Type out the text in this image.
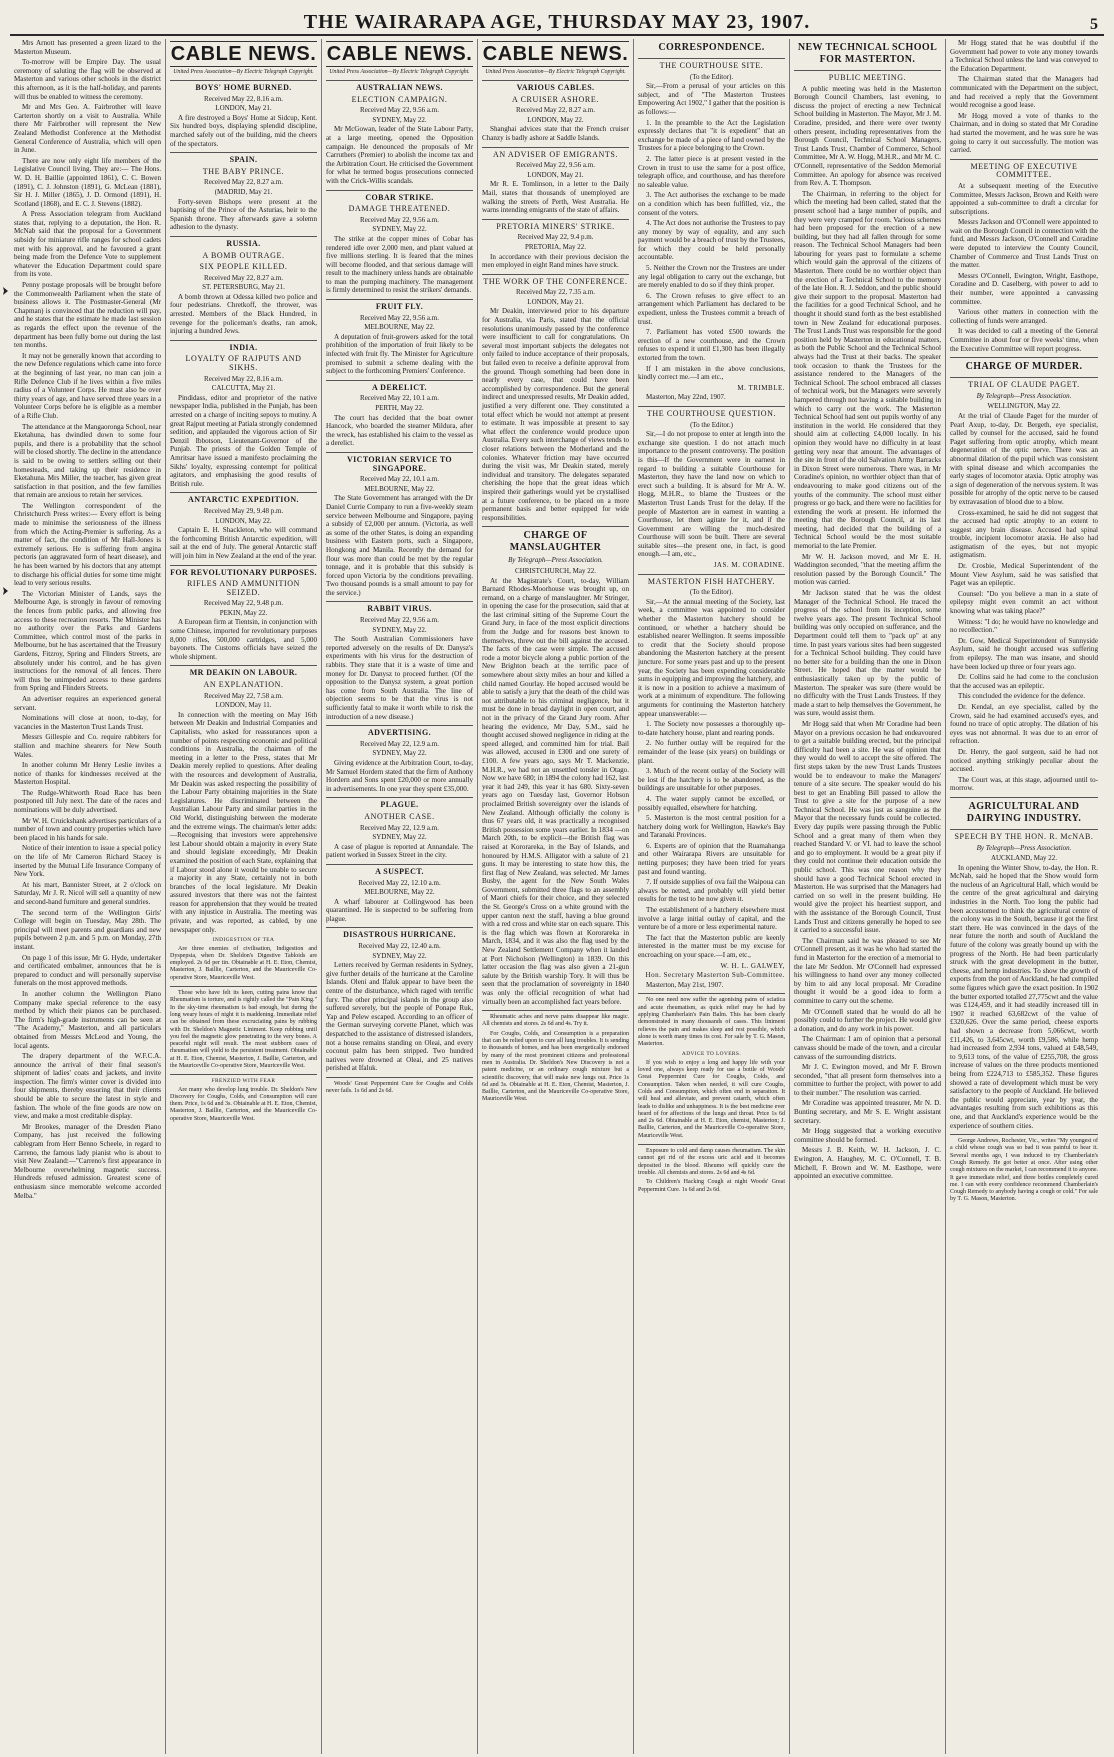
THE WAIRARAPA AGE, THURSDAY MAY 23, 1907.	5

Mrs Arnott has presented a green lizard to the Masterton Museum.

To-morrow will be Empire Day. The usual ceremony of saluting the flag will be observed at Masterton and various other schools in the district this afternoon, as it is the half-holiday, and parents will thus be enabled to witness the ceremony.

Mr and Mrs Geo. A. Fairbrother will leave Carterton shortly on a visit to Australia. While there Mr Fairbrother will represent the New Zealand Methodist Conference at the Methodist General Conference of Australia, which will open in June.

There are now only eight life members of the Legislative Council living. They are:— The Hons. W. D. H. Baillie (appointed 1861), C. C. Bowen (1891), C. J. Johnston (1891), G. McLean (1881), Sir H. J. Miller (1865), J. D. Ormond (1891), H. Scotland (1868), and E. C. J. Stevens (1882).

A Press Association telegram from Auckland states that, replying to a deputation, the Hon. R. McNab said that the proposal for a Government subsidy for miniature rifle ranges for school cadets met with his approval, and he favoured a grant being made from the Defence Vote to supplement whatever the Education Department could spare from its vote.

Penny postage proposals will be brought before the Commonwealth Parliament when the state of business allows it. The Postmaster-General (Mr Chapman) is convinced that the reduction will pay, and he states that the estimate he made last session as regards the effect upon the revenue of the department has been fully borne out during the last ten months.

It may not be generally known that according to the new Defence regulations which came into force at the beginning of last year, no man can join a Rifle Defence Club if he lives within a five miles radius of a Volunteer Corps. He must also be over thirty years of age, and have served three years in a Volunteer Corps before he is eligible as a member of a Rifle Club.

The attendance at the Mangaoronga School, near Eketahuna, has dwindled down to some four pupils, and there is a probability that the school will be closed shortly. The decline in the attendance is said to be owing to settlers selling out their homesteads, and taking up their residence in Eketahuna. Mrs Miller, the teacher, has given great satisfaction in that position, and the few families that remain are anxious to retain her services.

The Wellington correspondent of the Christchurch Press writes:— Every effort is being made to minimise the seriousness of the illness from which the Acting-Premier is suffering. As a matter of fact, the condition of Mr Hall-Jones is extremely serious. He is suffering from angina pectoris (an aggravated form of heart disease), and he has been warned by his doctors that any attempt to discharge his official duties for some time might lead to very serious results.

The Victorian Minister of Lands, says the Melbourne Age, is strongly in favour of removing the fences from public parks, and allowing free access to these recreation resorts. The Minister has no authority over the Parks and Gardens Committee, which control most of the parks in Melbourne, but he has ascertained that the Treasury Gardens, Fitzroy, Spring and Flinders Streets, are absolutely under his control, and he has given instructions for the removal of all fences. There will thus be unimpeded access to these gardens from Spring and Flinders Streets.

An advertiser requires an experienced general servant.

Nominations will close at noon, to-day, for vacancies in the Masterton Trust Lands Trust.

Messrs Gillespie and Co. require rabbiters for stallion and machine shearers for New South Wales.

In another column Mr Henry Leslie invites a notice of thanks for kindnesses received at the Masterton Hospital.

The Rudge-Whitworth Road Race has been postponed till July next. The date of the races and nominations will be duly advertised.

Mr W. H. Cruickshank advertises particulars of a number of town and country properties which have been placed in his hands for sale.

Notice of their intention to issue a special policy on the life of Mr Cameron Richard Stacey is inserted by the Mutual Life Insurance Company of New York.

At his mart, Bannister Street, at 2 o'clock on Saturday, Mr J. R. Nicol will sell a quantity of new and second-hand furniture and general sundries.

The second term of the Wellington Girls' College will begin on Tuesday, May 28th. The principal will meet parents and guardians and new pupils between 2 p.m. and 5 p.m. on Monday, 27th instant.

On page 1 of this issue, Mr G. Hyde, undertaker and certificated embalmer, announces that he is prepared to conduct and will personally supervise funerals on the most approved methods.

In another column the Wellington Piano Company make special reference to the easy method by which their pianos can be purchased. The firm's high-grade instruments can be seen at "The Academy," Masterton, and all particulars obtained from Messrs McLeod and Young, the local agents.

The drapery department of the W.F.C.A. announce the arrival of their final season's shipment of ladies' coats and jackets, and invite inspection. The firm's winter cover is divided into four shipments, thereby ensuring that their clients should be able to secure the latest in style and fashion. The whole of the fine goods are now on view, and make a most creditable display.

Mr Brookes, manager of the Dresden Piano Company, has just received the following cablegram from Herr Benno Scheele, in regard to Carreno, the famous lady pianist who is about to visit New Zealand:—"Carreno's first appearance in Melbourne overwhelming magnetic success. Hundreds refused admission. Greatest scene of enthusiasm since memorable welcome accorded Melba."

CABLE NEWS.
United Press Association—By Electric Telegraph Copyright.
BOYS' HOME BURNED.
Received May 22, 8.16 a.m.
LONDON, May 21.

A fire destroyed a Boys' Home at Sidcup, Kent. Six hundred boys, displaying splendid discipline, marched safely out of the building, mid the cheers of the spectators.

SPAIN.
THE BABY PRINCE.
Received May 22, 8.27 a.m.
(MADRID, May 21.

Forty-seven Bishops were present at the baptising of the Prince of the Asturias, heir to the Spanish throne. They afterwards gave a solemn adhesion to the dynasty.

RUSSIA.
A BOMB OUTRAGE.
SIX PEOPLE KILLED.
Received May 22, 8.27 a.m.
ST. PETERSBURG, May 21.

A bomb thrown at Odessa killed two police and four pedestrians. Chretkoff, the thrower, was arrested. Members of the Black Hundred, in revenge for the policeman's deaths, ran amok, injuring a hundred Jews.

INDIA.
LOYALTY OF RAJPUTS AND SIKHS.
Received May 22, 8.16 a.m.
CALCUTTA, May 21.

Pindidass, editor and proprietor of the native newspaper India, published in the Punjab, has been arrested on a charge of inciting sepoys to mutiny. A great Rajput meeting at Patiala strongly condemned sedition, and applauded the vigorous action of Sir Denzil Ibbotson, Lieutenant-Governor of the Punjab. The priests of the Golden Temple of Amritsar have issued a manifesto proclaiming the Sikhs' loyalty, expressing contempt for political agitators, and emphasising the good results of British rule.

ANTARCTIC EXPEDITION.
Received May 29, 9.48 p.m.
LONDON, May 22.

Captain E. H. Shackleton, who will command the forthcoming British Antarctic expedition, will sail at the end of July. The general Antarctic staff will join him in New Zealand at the end of the year.

FOR REVOLUTIONARY PURPOSES.
RIFLES AND AMMUNITION SEIZED.
Received May 22, 9.48 p.m.
PEKIN, May 22.

A European firm at Tientsin, in conjunction with some Chinese, imported for revolutionary purposes 8,000 rifles, 500,000 cartridges, and 5,000 bayonets. The Customs officials have seized the whole shipment.

MR DEAKIN ON LABOUR.
AN EXPLANATION.
Received May 22, 7.58 a.m.
LONDON, May 11.

In connection with the meeting on May 16th between Mr Deakin and Industrial Companies and Capitalists, who asked for reassurances upon a number of points respecting economic and political conditions in Australia, the chairman of the meeting in a letter to the Press, states that Mr Deakin merely replied to questions. After dealing with the resources and development of Australia, Mr Deakin was asked respecting the possibility of the Labour Party obtaining majorities in the State Legislatures. He discriminated between the Australian Labour Party and similar parties in the Old World, distinguishing between the moderate and the extreme wings. The chairman's letter adds:—Recognising that investors were apprehensive lest Labour should obtain a majority in every State and should legislate exceedingly, Mr Deakin examined the position of each State, explaining that if Labour stood alone it would be unable to secure a majority in any State, certainly not in both branches of the local legislature. Mr Deakin assured investors that there was not the faintest reason for apprehension that they would be treated with any injustice in Australia. The meeting was private, and was reported, as cabled, by one newspaper only.

INDIGESTION OF TEA

Are three enemies of civilisation, Indigestion and Dyspepsia, when Dr. Sheldon's Digestive Tabloids are employed. 2s 6d per tin. Obtainable at H. E. Eton, Chemist, Masterton, J. Baillie, Carterton, and the Mauriceville Co-operative Store, Mauriceville West.

Those who have felt its keen, cutting pains know that Rheumatism is torture, and is rightly called the "Pain King." In the sky-time rheumatism is bad enough, but during the long weary hours of night it is maddening. Immediate relief can be obtained from these excruciating pains by rubbing with Dr. Sheldon's Magnetic Liniment. Keep rubbing until you feel the magnetic glow penetrating to the very bones. A peaceful night will result. The most stubborn cases of rheumatism will yield to the persistent treatment. Obtainable at H. E. Eton, Chemist, Masterton, J. Baillie, Carterton, and the Mauriceville Co-operative Store, Mauriceville West.

FRENZIED WITH FEAR

Are many who develop lung trouble. Dr. Sheldon's New Discovery for Coughs, Colds, and Consumption will cure them. Price, 1s 6d and 3s. Obtainable at H. E. Eton, Chemist, Masterton, J. Baillie, Carterton, and the Mauriceville Co-operative Store, Mauriceville West.

CABLE NEWS.
United Press Association—By Electric Telegraph Copyright.
AUSTRALIAN NEWS.
ELECTION CAMPAIGN.
Received May 22, 9.56 a.m.
SYDNEY, May 22.

Mr McGowan, leader of the State Labour Party, at a large meeting, opened the Opposition campaign. He denounced the proposals of Mr Carruthers (Premier) to abolish the income tax and the Arbitration Court. He criticised the Government for what he termed bogus prosecutions connected with the Crick-Willis scandals.

COBAR STRIKE.
DAMAGE THREATENED.
Received May 22, 9.56 a.m.
SYDNEY, May 22.

The strike at the copper mines of Cobar has rendered idle over 2,000 men, and plant valued at five millions sterling. It is feared that the mines will become flooded, and that serious damage will result to the machinery unless hands are obtainable to man the pumping machinery. The management is firmly determined to resist the strikers' demands.

FRUIT FLY.
Received May 22, 9.56 a.m.
MELBOURNE, May 22.

A deputation of fruit-growers asked for the total prohibition of the importation of fruit likely to be infected with fruit fly. The Minister for Agriculture promised to submit a scheme dealing with the subject to the forthcoming Premiers' Conference.

A DERELICT.
Received May 22, 10.1 a.m.
PERTH, May 22.

The court has decided that the boat owner Hancock, who boarded the steamer Mildura, after the wreck, has established his claim to the vessel as a derelict.

VICTORIAN SERVICE TO SINGAPORE.
Received May 22, 10.1 a.m.
MELBOURNE, May 22.

The State Government has arranged with the Dr Daniel Currie Company to run a five-weekly steam service between Melbourne and Singapore, paying a subsidy of £2,000 per annum. (Victoria, as well as some of the other States, is doing an expanding business with Eastern ports, such a Singapore, Hongkong and Manila. Recently the demand for flour was more than could be met by the regular tonnage, and it is probable that this subsidy is forced upon Victoria by the conditions prevailing. Two thousand pounds is a small amount to pay for the service.)

RABBIT VIRUS.
Received May 22, 9.56 a.m.
SYDNEY, May 22.

The South Australian Commissioners have reported adversely on the results of Dr. Danysz's experiments with his virus for the destruction of rabbits. They state that it is a waste of time and money for Dr. Danysz to proceed further. (Of the opposition to the Danysz system, a great portion has come from South Australia. The line of objection seems to be that the virus is not sufficiently fatal to make it worth while to risk the introduction of a new disease.)

ADVERTISING.
Received May 22, 12.9 a.m.
SYDNEY, May 22.

Giving evidence at the Arbitration Court, to-day, Mr Samuel Hordern stated that the firm of Anthony Hordern and Sons spent £20,000 or more annually in advertisements. In one year they spent £35,000.

PLAGUE.
ANOTHER CASE.
Received May 22, 12.9 a.m.
SYDNEY, May 22.

A case of plague is reported at Annandale. The patient worked in Sussex Street in the city.

A SUSPECT.
Received May 22, 12.10 a.m.
MELBOURNE, May 22.

A wharf labourer at Collingwood has been quarantined. He is suspected to be suffering from plague.

DISASTROUS HURRICANE.
Received May 22, 12.40 a.m.
SYDNEY, May 22.

Letters received by German residents in Sydney, give further details of the hurricane at the Caroline Islands. Oleni and Ifaluk appear to have been the centre of the disturbance, which raged with terrific fury. The other principal islands in the group also suffered severely, but the people of Ponape Ruk, Yap and Pelew escaped. According to an officer of the German surveying corvette Planet, which was despatched to the assistance of distressed islanders, not a house remains standing on Oleai, and every coconut palm has been stripped. Two hundred natives were drowned at Oleai, and 25 natives perished at Ifaluk.

Woods' Great Peppermint Cure for Coughs and Colds never fails. 1s 6d and 2s 6d.

CABLE NEWS.
United Press Association—By Electric Telegraph Copyright.
VARIOUS CABLES.
A CRUISER ASHORE.
Received May 22, 8.27 a.m.
LONDON, May 22.

Shanghai advices state that the French cruiser Chanzy is badly ashore at Saddle Islands.

AN ADVISER OF EMIGRANTS.
Received May 22, 9.56 a.m.
LONDON, May 21.

Mr R. E. Tomlinson, in a letter to the Daily Mail, states that thousands of unemployed are walking the streets of Perth, West Australia. He warns intending emigrants of the state of affairs.

PRETORIA MINERS' STRIKE.
Received May 22, 9.4 p.m.
PRETORIA, May 22.

In accordance with their previous decision the men employed in eight Rand mines have struck.

THE WORK OF THE CONFERENCE.
Received May 22, 7.35 a.m.
LONDON, May 21.

Mr Deakin, interviewed prior to his departure for Australia, via Paris, stated that the official resolutions unanimously passed by the conference were insufficient to call for congratulations. On several most important subjects the delegates not only failed to induce acceptance of their proposals, but failed even to receive a definite approval from the ground. Though something had been done in nearly every case, that could have been accomplished by correspondence. But the general indirect and unexpressed results, Mr Deakin added, justified a very different one. They constituted a total effect which he would not attempt at present to estimate. It was impossible at present to say what effect the conference would produce upon Australia. Every such interchange of views tends to closer relations between the Motherland and the colonies. Whatever friction may have occurred during the visit was, Mr Deakin stated, merely individual and transitory. The delegates separated cherishing the hope that the great ideas which inspired their gatherings would yet be crystallised at a future conference, to be placed on a more permanent basis and better equipped for wide responsibilities.

CHARGE OF MANSLAUGHTER
By Telegraph—Press Association.
CHRISTCHURCH, May 22.

At the Magistrate's Court, to-day, William Barnard Rhodes-Moorhouse was brought up, on remand, on a charge of manslaughter. Mr Stringer, in opening the case for the prosecution, said that at the last criminal sitting of the Supreme Court the Grand Jury, in face of the most explicit directions from the Judge and for reasons best known to themselves, threw out the bill against the accused. The facts of the case were simple. The accused rode a motor bicycle along a public portion of the New Brighton beach at the terrific pace of somewhere about sixty miles an hour and killed a child named Gourlay. He hoped accused would be able to satisfy a jury that the death of the child was not attributable to his criminal negligence, but it must be done in broad daylight in open court, and not in the privacy of the Grand Jury room. After hearing the evidence, Mr Day, S.M., said he thought accused showed negligence in riding at the speed alleged, and committed him for trial. Bail was allowed, accused in £300 and one surety of £100. A few years ago, says Mr T. Mackenzie, M.H.R., we had not an unsettled tonsler in Otago. Now we have 680; in 1894 the colony had 162, last year it had 249, this year it has 680. Sixty-seven years ago on Tuesday last, Governor Hobson proclaimed British sovereignty over the islands of New Zealand. Although officially the colony is thus 67 years old, it was practically a recognised British possession some years earlier. In 1834 —on March 20th, to be explicit—the British flag was raised at Kororareka, in the Bay of Islands, and honoured by H.M.S. Alligator with a salute of 21 guns. It may be interesting to state how this, the first flag of New Zealand, was selected. Mr James Busby, the agent for the New South Wales Government, submitted three flags to an assembly of Maori chiefs for their choice, and they selected the St. George's Cross on a white ground with the upper canton next the staff, having a blue ground with a red cross and white star on each square. This is the flag which was flown at Kororareka in March, 1834, and it was also the flag used by the New Zealand Settlement Company when it landed at Port Nicholson (Wellington) in 1839. On this latter occasion the flag was also given a 21-gun salute by the British warship Tory. It will thus be seen that the proclamation of sovereignty in 1840 was only the official recognition of what had virtually been an accomplished fact years before.

Rheumatic aches and nerve pains disappear like magic. All chemists and stores. 2s 6d and 4s. Try it.

For Coughs, Colds, and Consumption is a preparation that can be relied upon to cure all lung troubles. It is sending to thousands of homes, and has been energetically endorsed by many of the most prominent citizens and professional men in Australia. Dr. Sheldon's New Discovery is not a patent medicine, or an ordinary cough mixture but a scientific discovery, that will make new lungs out. Price 1s 6d and 3s. Obtainable at H. E. Eton, Chemist, Masterton, J. Baillie, Carterton, and the Mauriceville Co-operative Store, Mauriceville West.

CORRESPONDENCE.
THE COURTHOUSE SITE.
(To the Editor).

Sir,—From a perusal of your articles on this subject, and of "The Masterton Trustees Empowering Act 1902," I gather that the position is as follows:—

1. In the preamble to the Act the Legislation expressly declares that "it is expedient" that an exchange be made of a piece of land owned by the Trustees for a piece belonging to the Crown.

2. The latter piece is at present vested in the Crown in trust to use the same for a post office, telegraph office, and courthouse, and has therefore no saleable value.

3. The Act authorises the exchange to be made on a condition which has been fulfilled, viz., the consent of the voters.

4. The Act does not authorise the Trustees to pay any money by way of equality, and any such payment would be a breach of trust by the Trustees, for which they could be held personally accountable.

5. Neither the Crown nor the Trustees are under any legal obligation to carry out the exchange, but are merely enabled to do so if they think proper.

6. The Crown refuses to give effect to an arrangement which Parliament has declared to be expedient, unless the Trustees commit a breach of trust.

7. Parliament has voted £500 towards the erection of a new courthouse, and the Crown refuses to expend it until £1,300 has been illegally extorted from the town.

If I am mistaken in the above conclusions, kindly correct me.—I am etc.,

M. TRIMBLE.
Masterton, May 22nd, 1907.
THE COURTHOUSE QUESTION.
(To the Editor.)

Sir,—I do not propose to enter at length into the exchange site question. I do not attach much importance to the present controversy. The position is this—If the Government were in earnest in regard to building a suitable Courthouse for Masterton, they have the land now on which to erect such a building. It is absurd for Mr A. W. Hogg, M.H.R., to blame the Trustees or the Masterton Trust Lands Trust for the delay. If the people of Masterton are in earnest in wanting a Courthouse, let them agitate for it, and if the Government are willing the much-desired Courthouse will soon be built. There are several suitable sites—the present one, in fact, is good enough.—I am, etc.,

JAS. M. CORADINE.
MASTERTON FISH HATCHERY.
(To the Editor).

Sir,—At the annual meeting of the Society, last week, a committee was appointed to consider whether the Masterton hatchery should be continued, or whether a hatchery should be established nearer Wellington. It seems impossible to credit that the Society should propose abandoning the Masterton hatchery at the present juncture. For some years past and up to the present year, the Society has been expending considerable sums in equipping and improving the hatchery, and it is now in a position to achieve a maximum of work at a minimum of expenditure. The following arguments for continuing the Masterton hatchery appear unanswerable:—

1. The Society now possesses a thoroughly up-to-date hatchery house, plant and rearing ponds.

2. No further outlay will be required for the remainder of the lease (six years) on buildings or plant.

3. Much of the recent outlay of the Society will be lost if the hatchery is to be abandoned, as the buildings are unsuitable for other purposes.

4. The water supply cannot be excelled, or possibly equalled, elsewhere for hatching.

5. Masterton is the most central position for a hatchery doing work for Wellington, Hawke's Bay and Taranaki Provinces.

6. Experts are of opinion that the Ruamahanga and other Wairarapa Rivers are unsuitable for netting purposes; they have been tried for years past and found wanting.

7. If outside supplies of ova fail the Waipoua can always be netted, and probably will yield better results for the test to be now given it.

The establishment of a hatchery elsewhere must involve a large initial outlay of capital, and the venture be of a more or less experimental nature.

The fact that the Masterton public are keenly interested in the matter must be my excuse for encroaching on your space.—I am, etc.,

W. H. L. GALWEY,
Hon. Secretary Masterton Sub-Committee.
Masterton, May 21st, 1907.

No one need now suffer the agonising pains of sciatica and acute rheumatism, as quick relief may be had by applying Chamberlain's Pain Balm. This has been clearly demonstrated in many thousands of cases. This liniment relieves the pain and makes sleep and rest possible, which alone is worth many times its cost. For sale by T. G. Mason, Masterton.

ADVICE TO LOVERS.

If you wish to enjoy a long and happy life with your loved one, always keep ready for use a bottle of Woods' Great Peppermint Cure for Coughs, Colds, and Consumption. Taken when needed, it will cure Coughs, Colds and Consumption, which often end in separation. It will heal and alleviate, and prevent catarrh, which often leads to dislike and unhappiness. It is the best medicine ever heard of for affections of the lungs and throat. Price 1s 6d and 2s 6d. Obtainable at H. E. Eton, chemist, Masterton; J. Baillie, Carterton, and the Mauriceville Co-operative Store, Mauriceville West.

Exposure to cold and damp causes rheumatism. The skin cannot get rid of the excess uric acid and it becomes deposited in the blood. Rheumo will quickly cure the trouble. All chemists and stores. 2s 6d and 4s 6d.

To Children's Hacking Cough at night Woods' Great Peppermint Cure. 1s 6d and 2s 6d.

NEW TECHNICAL SCHOOL FOR MASTERTON.
PUBLIC MEETING.

A public meeting was held in the Masterton Borough Council Chambers, last evening, to discuss the project of erecting a new Technical School building in Masterton. The Mayor, Mr J. M. Coradine, presided, and there were over twenty others present, including representatives from the Borough Council, Technical School Managers, Trust Lands Trust, Chamber of Commerce, School Committee, Mr A. W. Hogg, M.H.R., and Mr M. C. O'Connell, representative of the Seddon Memorial Committee. An apology for absence was received from Rev. A. T. Thompson.

The Chairman, in referring to the object for which the meeting had been called, stated that the present school had a large number of pupils, and they were very cramped for room. Various schemes had been proposed for the erection of a new building, but they had all fallen through for some reason. The Technical School Managers had been labouring for years past to formulate a scheme which would gain the approval of the citizens of Masterton. There could be no worthier object than the erection of a Technical School to the memory of the late Hon. R. J. Seddon, and the public should give their support to the proposal. Masterton had the facilities for a good Technical School, and he thought it should stand forth as the best established town in New Zealand for educational purposes. The Trust Lands Trust was responsible for the good position held by Masterton in educational matters, as both the Public School and the Technical School always had the Trust at their backs. The speaker took occasion to thank the Trustees for the assistance rendered to the Managers of the Technical School. The school embraced all classes of technical work, but the Managers were severely hampered through not having a suitable building in which to carry out the work. The Masterton Technical School had sent out pupils worthy of any institution in the world. He considered that they should aim at collecting £4,000 locally. In his opinion they would have no difficulty in at least getting very near that amount. The advantages of the site in front of the old Salvation Army Barracks in Dixon Street were numerous. There was, in Mr Coradine's opinion, no worthier object than that of endeavouring to make good citizens out of the youths of the community. The school must either progress or go back, and there were no facilities for extending the work at present. He informed the meeting that the Borough Council, at its last meeting, had decided that the building of a Technical School would be the most suitable memorial to the late Premier.

Mr W. H. Jackson moved, and Mr E. H. Waddington seconded, "that the meeting affirm the resolution passed by the Borough Council." The motion was carried.

Mr Jackson stated that he was the oldest Manager of the Technical School. He traced the progress of the school from its inception, some twelve years ago. The present Technical School building was only occupied on sufferance, and the Department could tell them to "pack up" at any time. In past years various sites had been suggested for a Technical School building. They could have no better site for a building than the one in Dixon Street. He hoped that the matter would be enthusiastically taken up by the public of Masterton. The speaker was sure (there would be no difficulty with the Trust Lands Trustees. If they made a start to help themselves the Government, he was sure, would assist them.

Mr Hogg said that when Mr Coradine had been Mayor on a previous occasion he had endeavoured to get a suitable building erected, but the principal difficulty had been a site. He was of opinion that they would do well to accept the site offered. The first steps taken by the new Trust Lands Trustees would be to endeavour to make the Managers' tenure of a site secure. The speaker would do his best to get an Enabling Bill passed to allow the Trust to give a site for the purpose of a new Technical School. He was just as sanguine as the Mayor that the necessary funds could be collected. Every day pupils were passing through the Public School and a great many of them when they reached Standard V. or VI. had to leave the school and go to employment. It would be a great pity if they could not continue their education outside the public school. This was one reason why they should have a good Technical School erected in Masterton. He was surprised that the Managers had carried on so well in the present building. He would give the project his heartiest support, and with the assistance of the Borough Council, Trust Lands Trust and citizens generally he hoped to see it carried to a successful issue.

The Chairman said he was pleased to see Mr O'Connell present, as it was he who had started the fund in Masterton for the erection of a memorial to the late Mr Seddon. Mr O'Connell had expressed his willingness to hand over any money collected by him to aid any local proposal. Mr Coradine thought it would be a good idea to form a committee to carry out the scheme.

Mr O'Connell stated that he would do all he possibly could to further the project. He would give a donation, and do any work in his power.

The Chairman: I am of opinion that a personal canvass should be made of the town, and a circular canvass of the surrounding districts.

Mr J. C. Ewington moved, and Mr F. Brown seconded, "that all present form themselves into a committee to further the project, with power to add to their number." The resolution was carried.

Mr Coradine was appointed treasurer, Mr N. D. Bunting secretary, and Mr S. E. Wright assistant secretary.

Mr Hogg suggested that a working executive committee should be formed.

Messrs J. B. Keith, W. H. Jackson, J. C. Ewington, A. Haughey, M. C. O'Connell, T. B. Michell, F. Brown and W. M. Easthope, were appointed an executive committee.

Mr Hogg stated that he was doubtful if the Government had power to vote any money towards a Technical School unless the land was conveyed to the Education Department.

The Chairman stated that the Managers had communicated with the Department on the subject, and had received a reply that the Government would recognise a good lease.

Mr Hogg moved a vote of thanks to the Chairman, and in doing so stated that Mr Coradine had started the movement, and he was sure he was going to carry it out successfully. The motion was carried.

MEETING OF EXECUTIVE COMMITTEE.

At a subsequent meeting of the Executive Committee, Messrs Jackson, Brown and Keith were appointed a sub-committee to draft a circular for subscriptions.

Messrs Jackson and O'Connell were appointed to wait on the Borough Council in connection with the fund, and Messrs Jackson, O'Connell and Coradine were deputed to interview the County Council, Chamber of Commerce and Trust Lands Trust on the matter.

Messrs O'Connell, Ewington, Wright, Easthope, Coradine and D. Caselberg, with power to add to their number, were appointed a canvassing committee.

Various other matters in connection with the collecting of funds were arranged.

It was decided to call a meeting of the General Committee in about four or five weeks' time, when the Executive Committee will report progress.

CHARGE OF MURDER.
TRIAL OF CLAUDE PAGET.
By Telegraph—Press Association.
WELLINGTON, May 22.

At the trial of Claude Paget for the murder of Pearl Axup, to-day, Dr. Bergeth, eye specialist, called by counsel for the accused, said he found Paget suffering from optic atrophy, which meant degeneration of the optic nerve. There was an abnormal dilation of the pupil which was consistent with spinal disease and which accompanies the early stages of locomotor ataxia. Optic atrophy was a sign of degeneration of the nervous system. It was possible for atrophy of the optic nerve to be caused by extravasation of blood due to a blow.

Cross-examined, he said he did not suggest that the accused had optic atrophy to an extent to suggest any brain disease. Accused had spinal trouble, incipient locomotor ataxia. He also had astigmatism of the eyes, but not myopic astigmatism.

Dr. Crosbie, Medical Superintendent of the Mount View Asylum, said he was satisfied that Paget was an epileptic.

Counsel: "Do you believe a man in a state of epilepsy might even commit an act without knowing what was taking place?"

Witness: "I do; he would have no knowledge and no recollection."

Dr. Gow, Medical Superintendent of Sunnyside Asylum, said he thought accused was suffering from epilepsy. The man was insane, and should have been locked up three or four years ago.

Dr. Collins said he had come to the conclusion that the accused was an epileptic.

This concluded the evidence for the defence.

Dr. Kendal, an eye specialist, called by the Crown, said he had examined accused's eyes, and found no trace of optic atrophy. The dilation of his eyes was not abnormal. It was due to an error of refraction.

Dr. Henry, the gaol surgeon, said he had not noticed anything strikingly peculiar about the accused.

The Court was, at this stage, adjourned until to-morrow.

AGRICULTURAL AND DAIRYING INDUSTRY.
SPEECH BY THE HON. R. McNAB.
By Telegraph—Press Association.
AUCKLAND, May 22.

In opening the Winter Show, to-day, the Hon. R. McNab, said he hoped that the Show would form the nucleus of an Agricultural Hall, which would be the centre of the great agricultural and dairying industries in the North. Too long the public had been accustomed to think the agricultural centre of the colony was in the South, because it got the first start there. He was convinced in the days of the near future the north and south of Auckland the future of the colony was greatly bound up with the progress of the North. He had been particularly struck with the great development in the butter, cheese, and hemp industries. To show the growth of exports from the port of Auckland, he had compiled some figures which gave the exact position. In 1902 the butter exported totalled 27,775cwt and the value was £124,459, and it had steadily increased till in 1907 it reached 63,682cwt of the value of £320,626. Over the same period, cheese exports had shown a decrease from 5,066cwt, worth £11,426, to 3,645cwt, worth £9,586, while hemp had increased from 2,934 tons, valued at £48,549, to 9,613 tons, of the value of £255,708, the gross increase of values on the three products mentioned being from £224,713 to £585,352. These figures showed a rate of development which must be very satisfactory to the people of Auckland. He believed the public would appreciate, year by year, the advantages resulting from such exhibitions as this one, and that Auckland's experience would be the experience of southern cities.

George Andrews, Rochester, Vic., writes "My youngest of a child whose cough was so bad it was painful to hear it. Several months ago, I was induced to try Chamberlain's Cough Remedy. He got better at once. After using other cough mixtures on the market, I can recommend it to anyone. It gave immediate relief, and three bottles completely cured me. I can with every confidence recommend Chamberlain's Cough Remedy to anybody having a cough or cold." For sale by T. G. Mason, Masterton.
